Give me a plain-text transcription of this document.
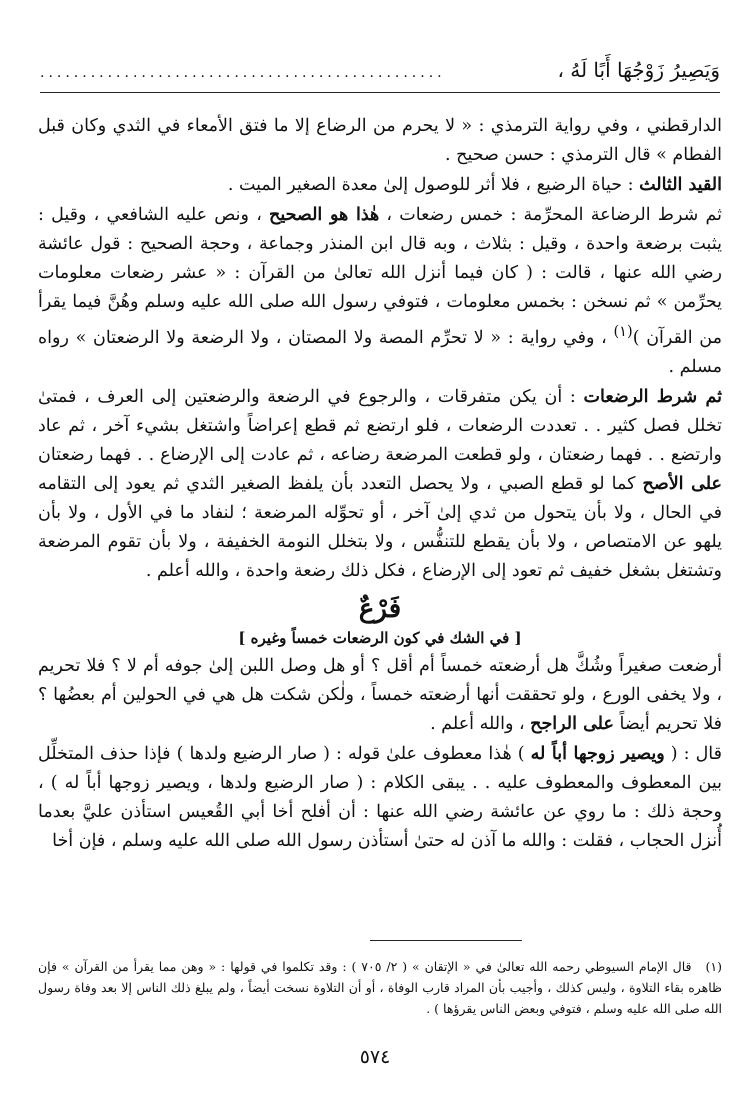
وَيَصِيرُ زَوْجُهَا أَبًا لَهُ ،
................................................

الدارقطني ، وفي رواية الترمذي : « لا يحرم من الرضاع إلا ما فتق الأمعاء في الثدي وكان قبل الفطام » قال الترمذي : حسن صحيح .

القيد الثالث : حياة الرضيع ، فلا أثر للوصول إلىٰ معدة الصغير الميت .

ثم شرط الرضاعة المحرِّمة : خمس رضعات ، هٰذا هو الصحيح ، ونص عليه الشافعي ، وقيل : يثبت برضعة واحدة ، وقيل : بثلاث ، وبه قال ابن المنذر وجماعة ، وحجة الصحيح : قول عائشة رضي الله عنها ، قالت : ( كان فيما أنزل الله تعالىٰ من القرآن : « عشر رضعات معلومات يحرِّمن » ثم نسخن : بخمس معلومات ، فتوفي رسول الله صلى الله عليه وسلم وهُنَّ فيما يقرأ من القرآن )$^{(١)}$ ، وفي رواية : « لا تحرِّم المصة ولا المصتان ، ولا الرضعة ولا الرضعتان » رواه مسلم .

ثم شرط الرضعات : أن يكن متفرقات ، والرجوع في الرضعة والرضعتين إلى العرف ، فمتىٰ تخلل فصل كثير . . تعددت الرضعات ، فلو ارتضع ثم قطع إعراضاً واشتغل بشيء آخر ، ثم عاد وارتضع . . فهما رضعتان ، ولو قطعت المرضعة رضاعه ، ثم عادت إلى الإرضاع . . فهما رضعتان على الأصح كما لو قطع الصبي ، ولا يحصل التعدد بأن يلفظ الصغير الثدي ثم يعود إلى التقامه في الحال ، ولا بأن يتحول من ثدي إلىٰ آخر ، أو تحوِّله المرضعة ؛ لنفاد ما في الأول ، ولا بأن يلهو عن الامتصاص ، ولا بأن يقطع للتنفُّس ، ولا بتخلل النومة الخفيفة ، ولا بأن تقوم المرضعة وتشتغل بشغل خفيف ثم تعود إلى الإرضاع ، فكل ذلك رضعة واحدة ، والله أعلم .

فَرْعٌ
[ في الشك في كون الرضعات خمساً وغيره ]

أرضعت صغيراً وشُكَّ هل أرضعته خمساً أم أقل ؟ أو هل وصل اللبن إلىٰ جوفه أم لا ؟ فلا تحريم ، ولا يخفى الورع ، ولو تحققت أنها أرضعته خمساً ، ولٰكن شكت هل هي في الحولين أم بعضُها ؟ فلا تحريم أيضاً على الراجح ، والله أعلم .

قال : ( ويصير زوجها أباً له ) هٰذا معطوف علىٰ قوله : ( صار الرضيع ولدها ) فإذا حذف المتخلِّل بين المعطوف والمعطوف عليه . . يبقى الكلام : ( صار الرضيع ولدها ، ويصير زوجها أباً له ) ، وحجة ذلك : ما روي عن عائشة رضي الله عنها : أن أفلح أخا أبي القُعيس استأذن عليَّ بعدما أُنزل الحجاب ، فقلت : والله ما آذن له حتىٰ أستأذن رسول الله صلى الله عليه وسلم ، فإن أخا

(١)قال الإمام السيوطي رحمه الله تعالىٰ في « الإتقان » ( ٢/ ٧٠٥ ) : وقد تكلموا في قولها : « وهن مما يقرأ من القرآن » فإن ظاهره بقاء التلاوة ، وليس كذلك ، وأجيب بأن المراد قارب الوفاة ، أو أن التلاوة نسخت أيضاً ، ولم يبلغ ذلك الناس إلا بعد وفاة رسول الله صلى الله عليه وسلم ، فتوفي وبعض الناس يقرؤها ) .
٥٧٤
